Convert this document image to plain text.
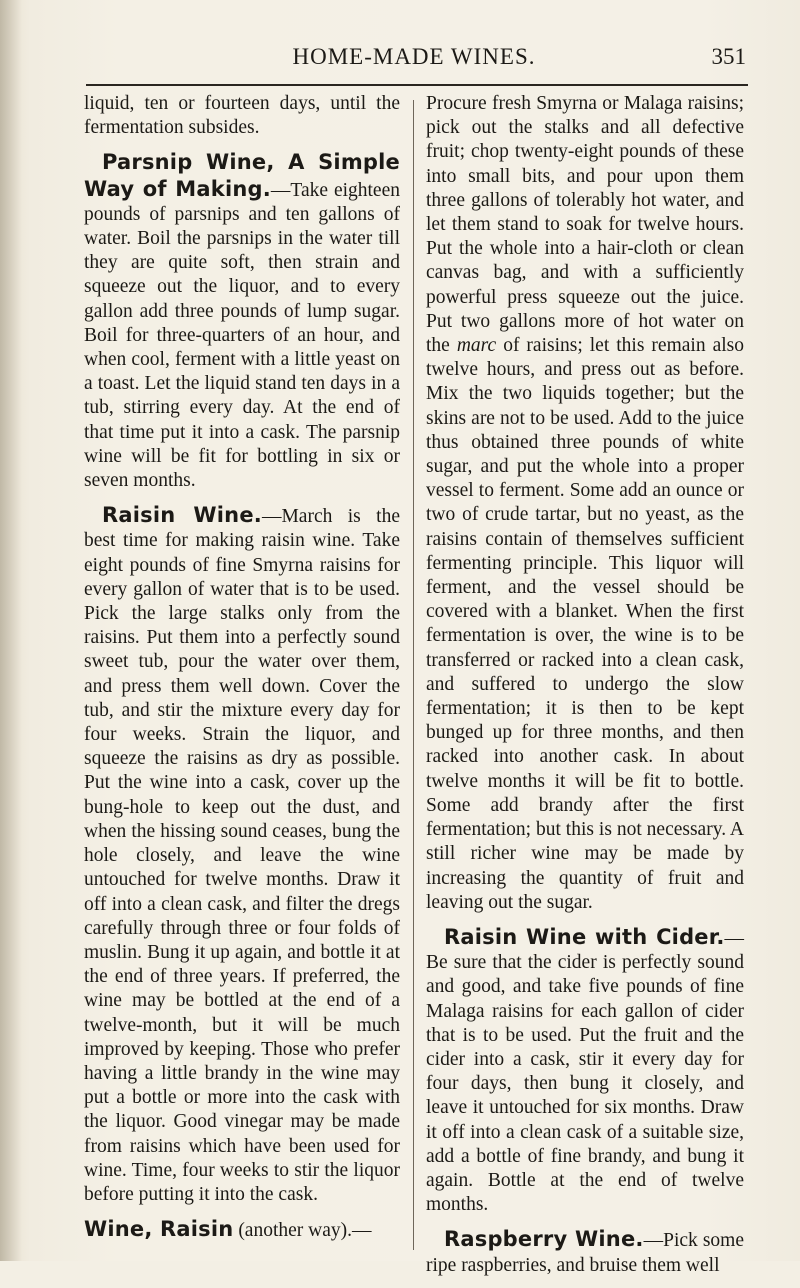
HOME-MADE WINES.	351

liquid, ten or fourteen days, until the fermentation subsides.

Parsnip Wine, A Simple Way of Making.—Take eighteen pounds of parsnips and ten gallons of water. Boil the parsnips in the water till they are quite soft, then strain and squeeze out the liquor, and to every gallon add three pounds of lump sugar. Boil for three-quarters of an hour, and when cool, ferment with a little yeast on a toast. Let the liquid stand ten days in a tub, stirring every day. At the end of that time put it into a cask. The parsnip wine will be fit for bottling in six or seven months.

Raisin Wine.—March is the best time for making raisin wine. Take eight pounds of fine Smyrna raisins for every gallon of water that is to be used. Pick the large stalks only from the raisins. Put them into a perfectly sound sweet tub, pour the water over them, and press them well down. Cover the tub, and stir the mixture every day for four weeks. Strain the liquor, and squeeze the raisins as dry as possible. Put the wine into a cask, cover up the bung-hole to keep out the dust, and when the hissing sound ceases, bung the hole closely, and leave the wine untouched for twelve months. Draw it off into a clean cask, and filter the dregs carefully through three or four folds of muslin. Bung it up again, and bottle it at the end of three years. If preferred, the wine may be bottled at the end of a twelve-month, but it will be much improved by keeping. Those who prefer having a little brandy in the wine may put a bottle or more into the cask with the liquor. Good vinegar may be made from raisins which have been used for wine. Time, four weeks to stir the liquor before putting it into the cask.

Wine, Raisin (another way).—

Procure fresh Smyrna or Malaga raisins; pick out the stalks and all defective fruit; chop twenty-eight pounds of these into small bits, and pour upon them three gallons of tolerably hot water, and let them stand to soak for twelve hours. Put the whole into a hair-cloth or clean canvas bag, and with a sufficiently powerful press squeeze out the juice. Put two gallons more of hot water on the marc of raisins; let this remain also twelve hours, and press out as before. Mix the two liquids together; but the skins are not to be used. Add to the juice thus obtained three pounds of white sugar, and put the whole into a proper vessel to ferment. Some add an ounce or two of crude tartar, but no yeast, as the raisins contain of themselves sufficient fermenting principle. This liquor will ferment, and the vessel should be covered with a blanket. When the first fermentation is over, the wine is to be transferred or racked into a clean cask, and suffered to undergo the slow fermentation; it is then to be kept bunged up for three months, and then racked into another cask. In about twelve months it will be fit to bottle. Some add brandy after the first fermentation; but this is not necessary. A still richer wine may be made by increasing the quantity of fruit and leaving out the sugar.

Raisin Wine with Cider.—Be sure that the cider is perfectly sound and good, and take five pounds of fine Malaga raisins for each gallon of cider that is to be used. Put the fruit and the cider into a cask, stir it every day for four days, then bung it closely, and leave it untouched for six months. Draw it off into a clean cask of a suitable size, add a bottle of fine brandy, and bung it again. Bottle at the end of twelve months.

Raspberry Wine.—Pick some ripe raspberries, and bruise them well
